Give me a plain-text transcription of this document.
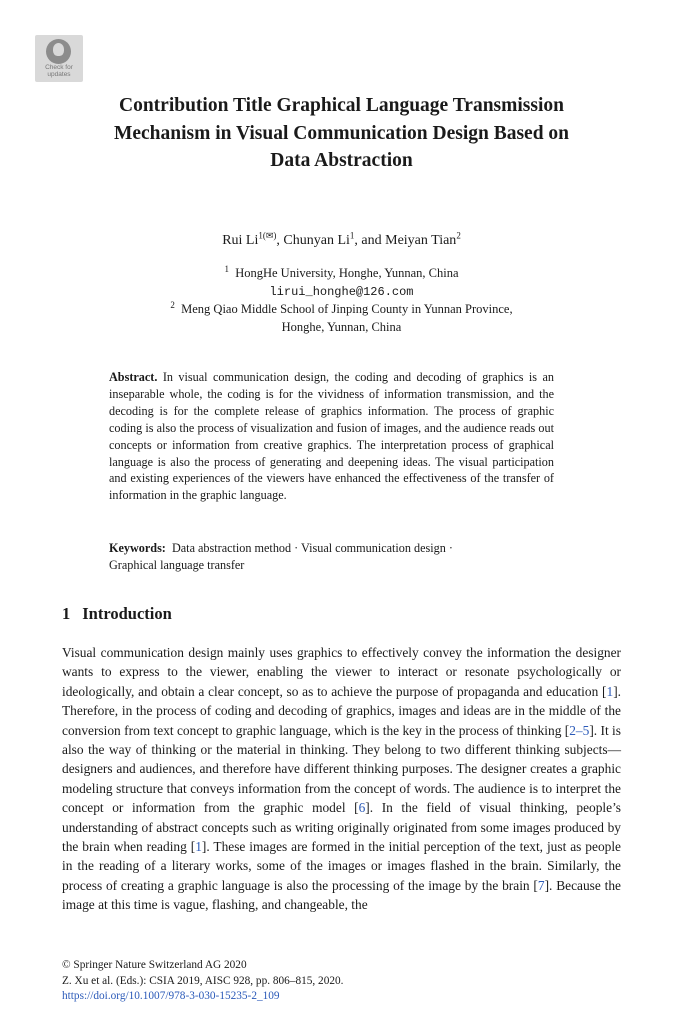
Check for updates
Contribution Title Graphical Language Transmission Mechanism in Visual Communication Design Based on Data Abstraction
Rui $Li^{1(✉)}$, Chunyan Li$^1$, and Meiyan Tian$^2$
$^1$ HongHe University, Honghe, Yunnan, China
lirui_honghe@126.com
$^2$ Meng Qiao Middle School of Jinping County in Yunnan Province,
Honghe, Yunnan, China

Abstract. In visual communication design, the coding and decoding of graphics is an inseparable whole, the coding is for the vividness of information transmission, and the decoding is for the complete release of graphics information. The process of graphic coding is also the process of visualization and fusion of images, and the audience reads out concepts or information from creative graphics. The interpretation process of graphical language is also the process of generating and deepening ideas. The visual participation and existing experiences of the viewers have enhanced the effectiveness of the transfer of information in the graphic language.

Keywords: Data abstraction method · Visual communication design ·
Graphical language transfer

1 Introduction

Visual communication design mainly uses graphics to effectively convey the information the designer wants to express to the viewer, enabling the viewer to interact or resonate psychologically or ideologically, and obtain a clear concept, so as to achieve the purpose of propaganda and education [1]. Therefore, in the process of coding and decoding of graphics, images and ideas are in the middle of the conversion from text concept to graphic language, which is the key in the process of thinking [2–5]. It is also the way of thinking or the material in thinking. They belong to two different thinking subjects—designers and audiences, and therefore have different thinking purposes. The designer creates a graphic modeling structure that conveys information from the concept of words. The audience is to interpret the concept or information from the graphic model [6]. In the field of visual thinking, people’s understanding of abstract concepts such as writing originally originated from some images produced by the brain when reading [1]. These images are formed in the initial perception of the text, just as people in the reading of a literary works, some of the images or images flashed in the brain. Similarly, the process of creating a graphic language is also the processing of the image by the brain [7]. Because the image at this time is vague, flashing, and changeable, the

© Springer Nature Switzerland AG 2020
Z. Xu et al. (Eds.): CSIA 2019, AISC 928, pp. 806–815, 2020.
https://doi.org/10.1007/978-3-030-15235-2_109
